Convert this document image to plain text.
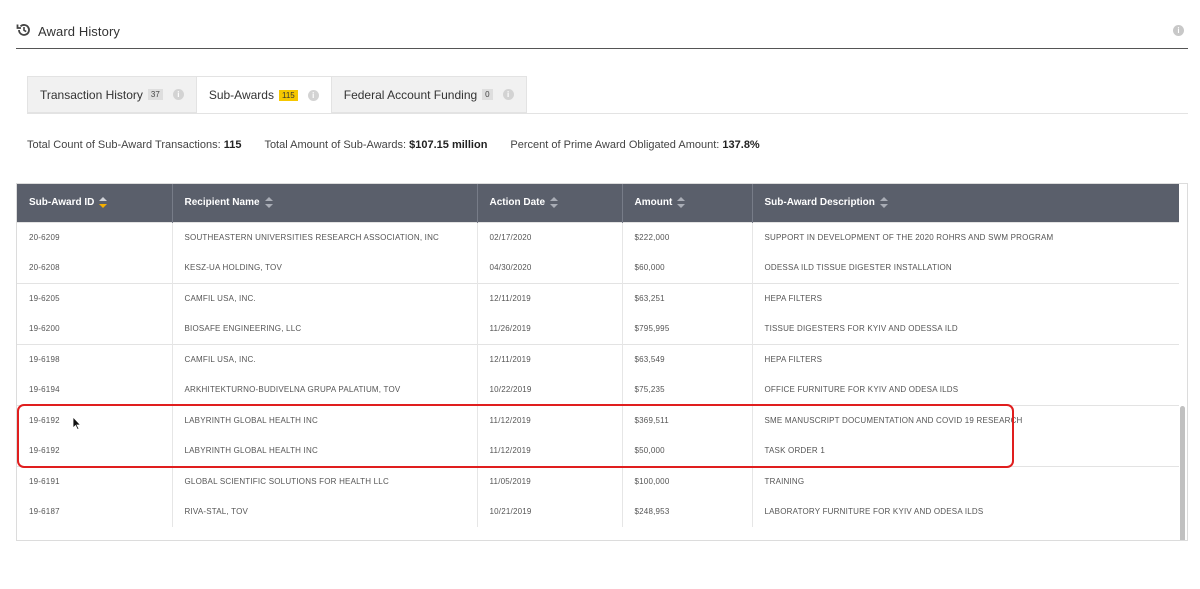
Award History	i
Transaction History	37	i	Sub-Awards	115	i	Federal Account Funding	0	i
Total Count of Sub-Award Transactions: 115 Total Amount of Sub-Awards: $107.15 million Percent of Prime Award Obligated Amount: 137.8%
Sub-Award ID	Recipient Name	Action Date	Amount	Sub-Award Description
20-6209	SOUTHEASTERN UNIVERSITIES RESEARCH ASSOCIATION, INC	02/17/2020	$222,000	SUPPORT IN DEVELOPMENT OF THE 2020 ROHRS AND SWM PROGRAM
20-6208	KESZ-UA HOLDING, TOV	04/30/2020	$60,000	ODESSA ILD TISSUE DIGESTER INSTALLATION
19-6205	CAMFIL USA, INC.	12/11/2019	$63,251	HEPA FILTERS
19-6200	BIOSAFE ENGINEERING, LLC	11/26/2019	$795,995	TISSUE DIGESTERS FOR KYIV AND ODESSA ILD
19-6198	CAMFIL USA, INC.	12/11/2019	$63,549	HEPA FILTERS
19-6194	ARKHITEKTURNO-BUDIVELNA GRUPA PALATIUM, TOV	10/22/2019	$75,235	OFFICE FURNITURE FOR KYIV AND ODESA ILDS
19-6192	LABYRINTH GLOBAL HEALTH INC	11/12/2019	$369,511	SME MANUSCRIPT DOCUMENTATION AND COVID 19 RESEARCH
19-6192	LABYRINTH GLOBAL HEALTH INC	11/12/2019	$50,000	TASK ORDER 1
19-6191	GLOBAL SCIENTIFIC SOLUTIONS FOR HEALTH LLC	11/05/2019	$100,000	TRAINING
19-6187	RIVA-STAL, TOV	10/21/2019	$248,953	LABORATORY FURNITURE FOR KYIV AND ODESA ILDS
